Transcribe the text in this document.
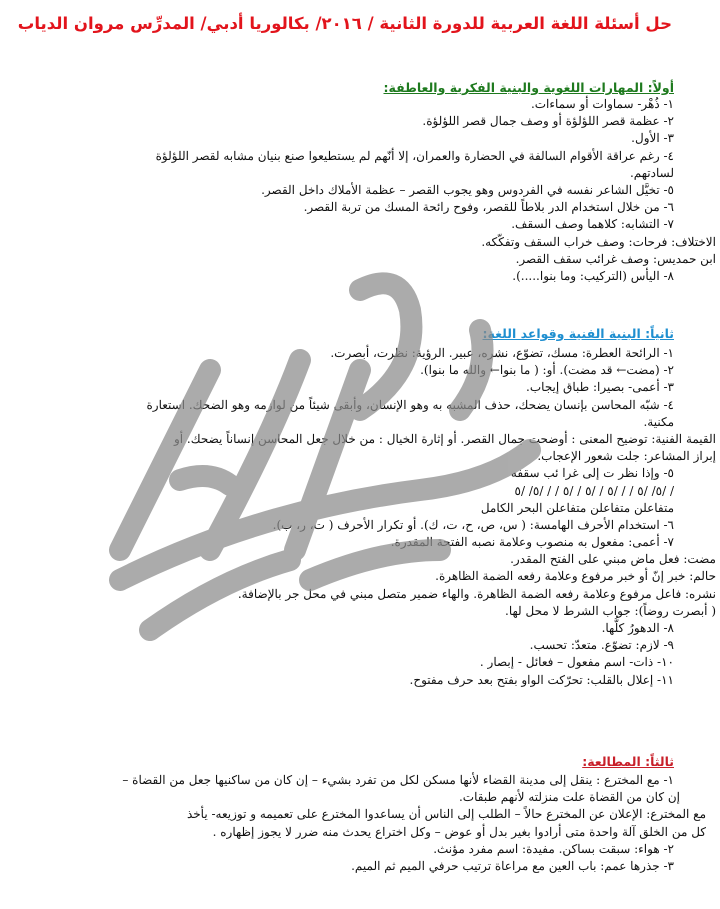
حل أسئلة اللغة العربية للدورة الثانية / ٢٠١٦/ بكالوريا أدبي/ المدرِّس مروان الدياب
أولاً: المهارات اللغوية والبنية الفكرية والعاطفة:
١- ذُهْر- سماوات أو سماءات.
٢- عظمة قصر اللؤلؤة أو وصف جمال قصر اللؤلؤة.
٣- الأول.
٤- رغم عراقة الأقوام السالفة في الحضارة والعمران، إلا أنّهم لم يستطيعوا صنع بنيان مشابه لقصر اللؤلؤة
لسادتهم.
٥- تخيَّل الشاعر نفسه في الفردوس وهو يجوب القصر – عظمة الأملاك داخل القصر.
٦- من خلال استخدام الدر بلاطاً للقصر، وفوح رائحة المسك من تربة القصر.
٧- التشابه: كلاهما وصف السقف.
الاختلاف: فرحات: وصف خراب السقف وتفكّكه.
ابن حمديس: وصف غرائب سقف القصر.
٨- اليأس (التركيب: وما بنوا.....).
ثانياً: البنية الفنية وقواعد اللغة:
١- الرائحة العطرة: مسك، تضوّع، نشره، عبير. الرؤية: نظرت، أبصرت.
٢- (مضت← قد مضت). أو: ( ما بنوا← والله ما بنوا).
٣- أعمى- بصيرا: طباق إيجاب.
٤- شبّه المحاسن بإنسان يضحك، حذف المشبه به وهو الإنسان، وأبقى شيئاً من لوازمه وهو الضحك. استعارة
مكنية.
القيمة الفنية: توضيح المعنى : أوضحت جمال القصر. أو إثارة الخيال : من خلال جعل المحاسن إنساناً يضحك. أو
إبراز المشاعر: جلت شعور الإعجاب.
٥- وإذا نظر ت إلى غرا ئب سقفه
/ /٥/ /٥ / / /٥ / /٥ / /٥ / / /٥/ /٥
متفاعلن متفاعلن متفاعلن البحر الكامل
٦- استخدام الأحرف الهامسة: ( س، ص، ح، ت، ك). أو تكرار الأحرف ( ت، ر، ب).
٧- أعمى: مفعول به منصوب وعلامة نصبه الفتحة المقدرة.
مضت: فعل ماض مبني على الفتح المقدر.
حالم: خبر إنّ أو خبر مرفوع وعلامة رفعه الضمة الظاهرة.
نشره: فاعل مرفوع وعلامة رفعه الضمة الظاهرة. والهاء ضمير متصل مبني في محل جر بالإضافة.
( أبصرت روضاً): جواب الشرط لا محل لها.
٨- الدهورُ كلُّها.
٩- لازم: تضوّع. متعدّ: تحسب.
١٠- ذات- اسم مفعول – فعائل - إبصار .
١١- إعلال بالقلب: تحرّكت الواو بفتح بعد حرف مفتوح.
ثالثاً: المطالعة:
١- مع المخترع : ينقل إلى مدينة القضاء لأنها مسكن لكل من تفرد بشيء – إن كان من ساكنيها جعل من القضاة –
إن كان من القضاة علت منزلته لأنهم طبقات.
مع المخترع: الإعلان عن المخترع حالاً – الطلب إلى الناس أن يساعدوا المخترع على تعميمه و توزيعه- يأخذ
كل من الخلق آلة واحدة متى أرادوا بغير بدل أو عوض – وكل اختراع يحدث منه ضرر لا يجوز إظهاره .
٢- هواء: سبقت بساكن. مفيدة: اسم مفرد مؤنث.
٣- جذرها عمم: باب العين مع مراعاة ترتيب حرفي الميم ثم الميم.
